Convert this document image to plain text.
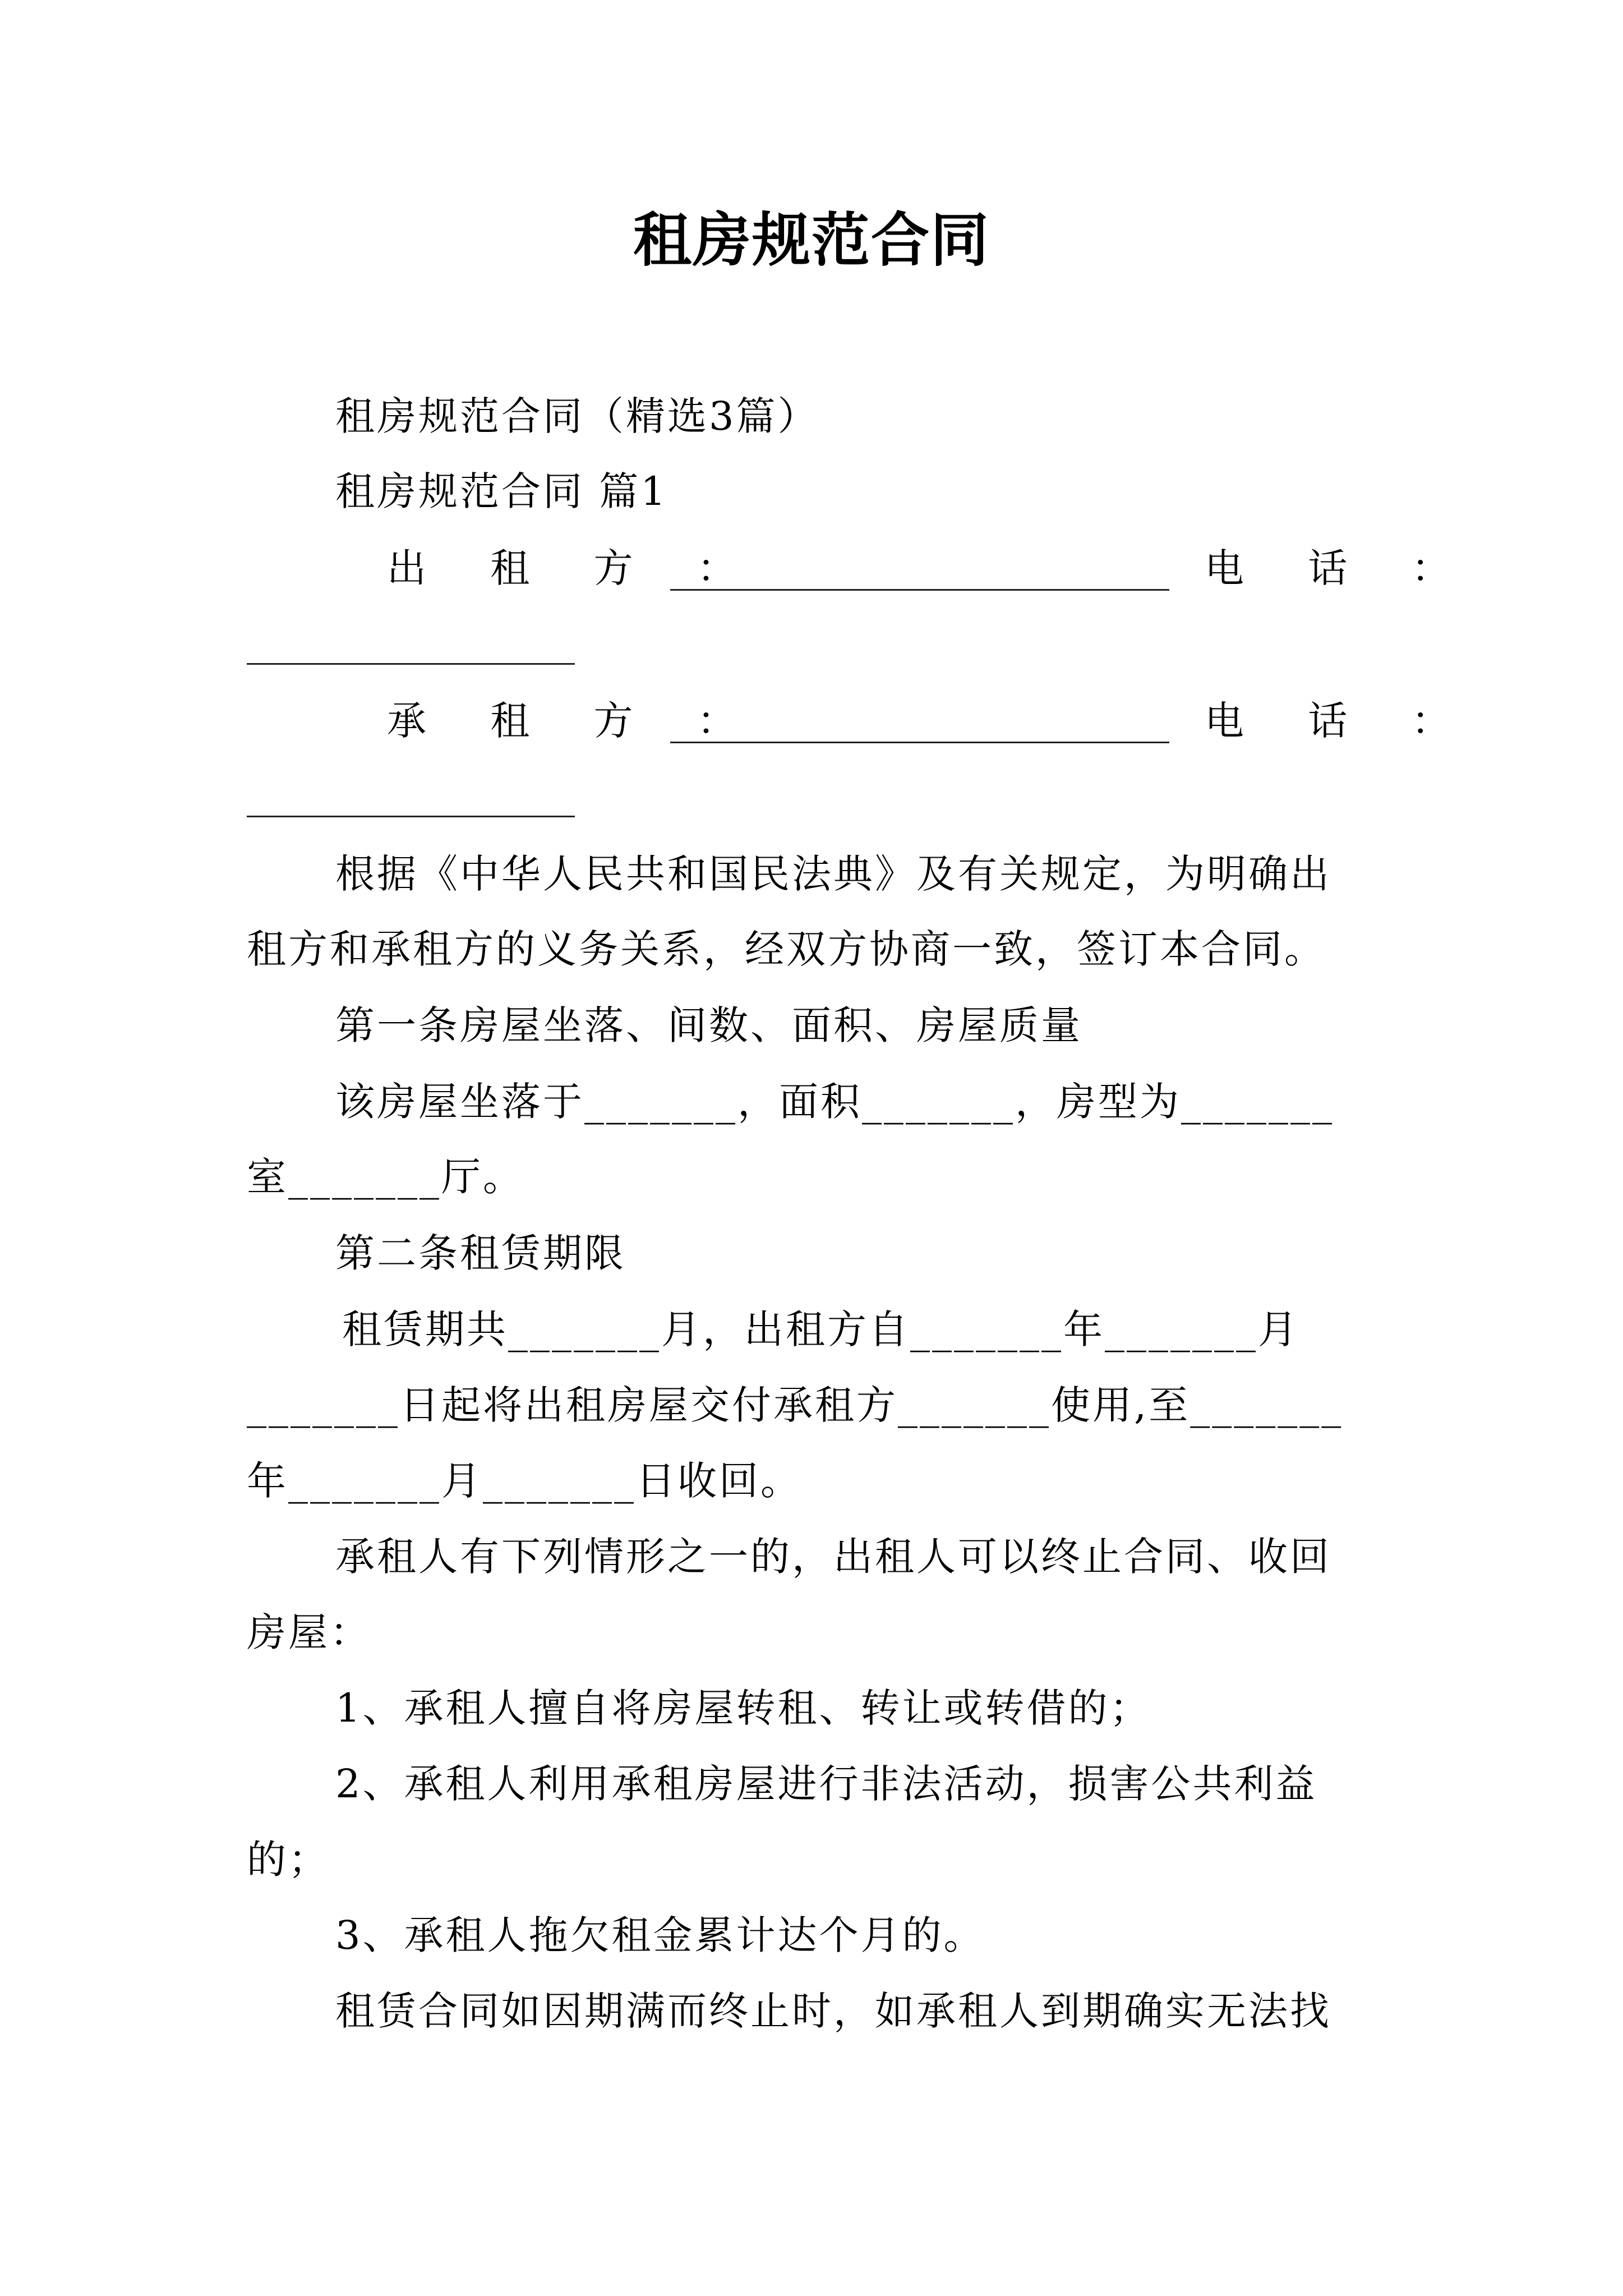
租房规范合同
租房规范合同（精选3篇）
租房规范合同 篇1
出 租 方 ：	电 话 ：
承 租 方 ：	电 话 ：
根据《中华人民共和国民法典》及有关规定，为明确出
租方和承租方的义务关系，经双方协商一致，签订本合同。
第一条房屋坐落、间数、面积、房屋质量
该房屋坐落于_______，面积_______，房型为_______
室_______厅。
第二条租赁期限
租赁期共_______月，出租方自_______年_______月
_______日起将出租房屋交付承租方_______使用,至_______
年_______月_______日收回。
承租人有下列情形之一的，出租人可以终止合同、收回
房屋：
1、承租人擅自将房屋转租、转让或转借的；
2、承租人利用承租房屋进行非法活动，损害公共利益
的；
3、承租人拖欠租金累计达个月的。
租赁合同如因期满而终止时，如承租人到期确实无法找
